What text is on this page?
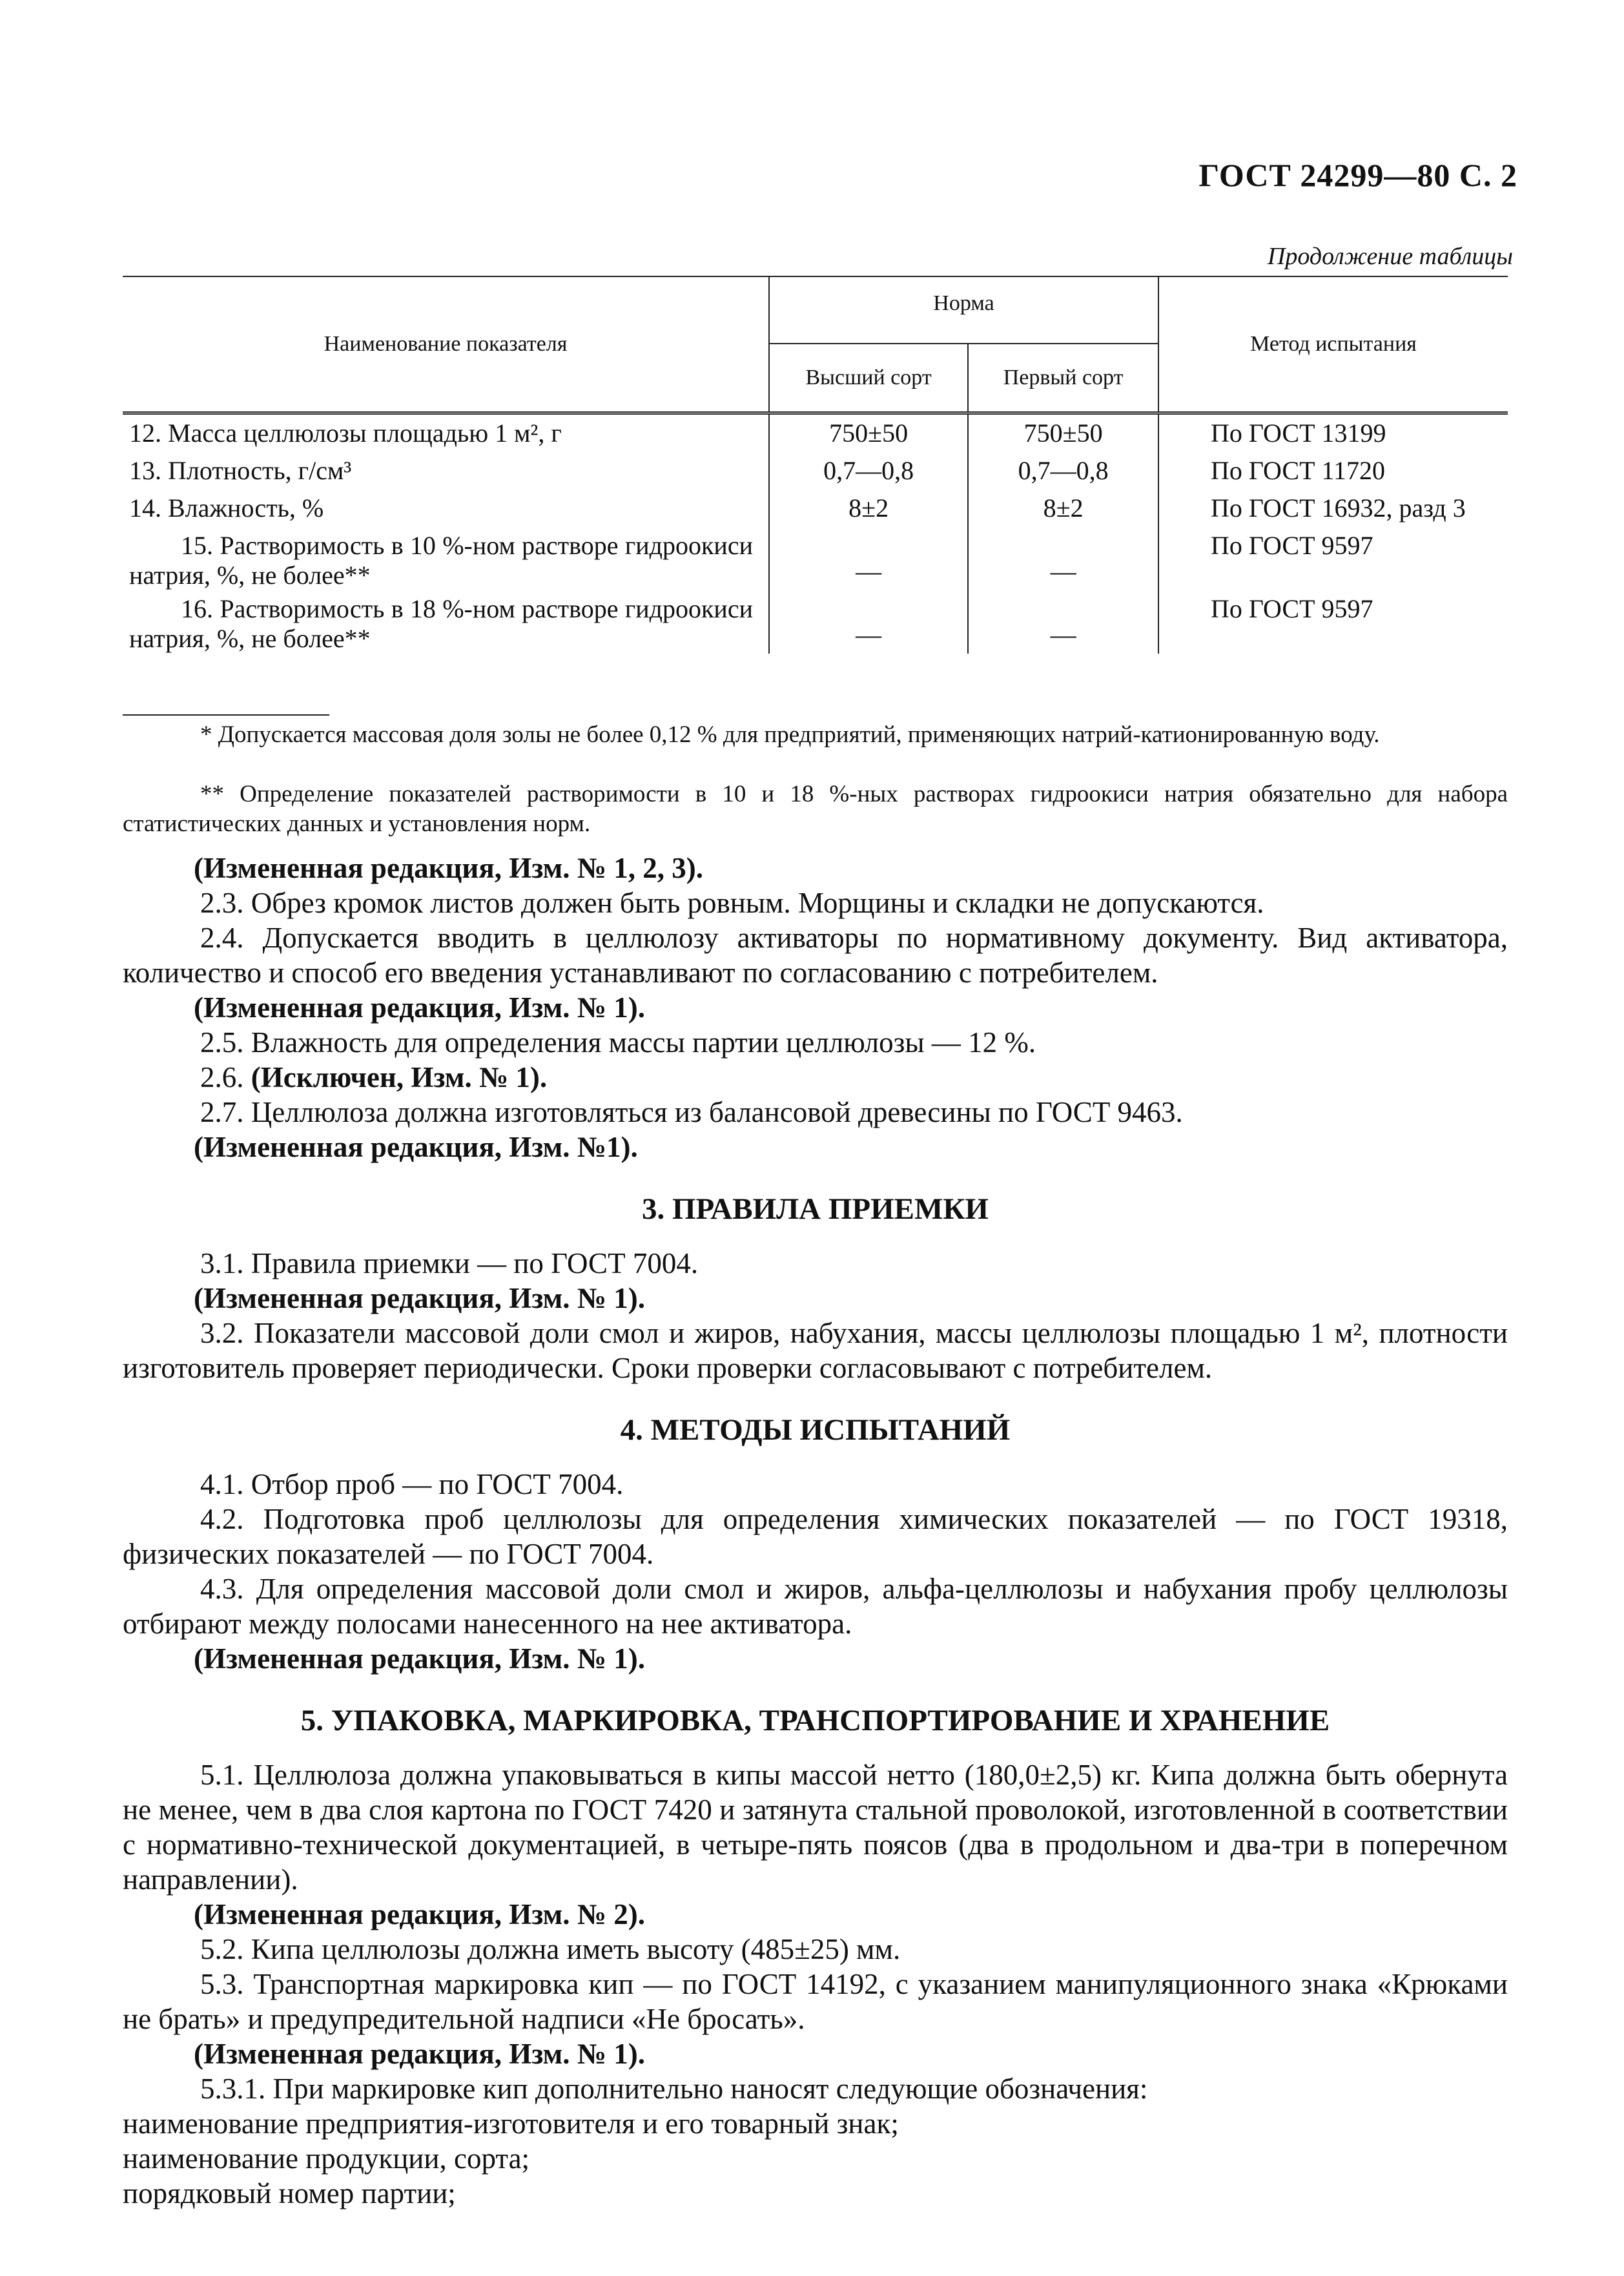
ГОСТ 24299—80 С. 2
Продолжение таблицы
Наименование показателя	Норма		Метод испытания
	Высший сорт	Первый сорт	
12. Масса целлюлозы площадью 1 м², г	750±50	750±50	По ГОСТ 13199
13. Плотность, г/см³	0,7—0,8	0,7—0,8	По ГОСТ 11720
14. Влажность, %	8±2	8±2	По ГОСТ 16932, разд 3
15. Растворимость в 10 %-ном растворе гидроокиси натрия, %, не более**	—	—	По ГОСТ 9597
16. Растворимость в 18 %-ном растворе гидроокиси натрия, %, не более**	—	—	По ГОСТ 9597
* Допускается массовая доля золы не более 0,12 % для предприятий, применяющих натрий-катионированную воду.
** Определение показателей растворимости в 10 и 18 %-ных растворах гидроокиси натрия обязательно для набора статистических данных и установления норм.

(Измененная редакция, Изм. № 1, 2, 3).

2.3. Обрез кромок листов должен быть ровным. Морщины и складки не допускаются.

2.4. Допускается вводить в целлюлозу активаторы по нормативному документу. Вид активатора, количество и способ его введения устанавливают по согласованию с потребителем.

(Измененная редакция, Изм. № 1).

2.5. Влажность для определения массы партии целлюлозы — 12 %.

2.6. (Исключен, Изм. № 1).

2.7. Целлюлоза должна изготовляться из балансовой древесины по ГОСТ 9463.

(Измененная редакция, Изм. №1).

3. ПРАВИЛА ПРИЕМКИ

3.1. Правила приемки — по ГОСТ 7004.

(Измененная редакция, Изм. № 1).

3.2. Показатели массовой доли смол и жиров, набухания, массы целлюлозы площадью 1 м², плотности изготовитель проверяет периодически. Сроки проверки согласовывают с потребителем.

4. МЕТОДЫ ИСПЫТАНИЙ

4.1. Отбор проб — по ГОСТ 7004.

4.2. Подготовка проб целлюлозы для определения химических показателей — по ГОСТ 19318, физических показателей — по ГОСТ 7004.

4.3. Для определения массовой доли смол и жиров, альфа-целлюлозы и набухания пробу целлюлозы отбирают между полосами нанесенного на нее активатора.

(Измененная редакция, Изм. № 1).

5. УПАКОВКА, МАРКИРОВКА, ТРАНСПОРТИРОВАНИЕ И ХРАНЕНИЕ

5.1. Целлюлоза должна упаковываться в кипы массой нетто (180,0±2,5) кг. Кипа должна быть обернута не менее, чем в два слоя картона по ГОСТ 7420 и затянута стальной проволокой, изготовленной в соответствии с нормативно-технической документацией, в четыре-пять поясов (два в продольном и два-три в поперечном направлении).

(Измененная редакция, Изм. № 2).

5.2. Кипа целлюлозы должна иметь высоту (485±25) мм.

5.3. Транспортная маркировка кип — по ГОСТ 14192, с указанием манипуляционного знака «Крюками не брать» и предупредительной надписи «Не бросать».

(Измененная редакция, Изм. № 1).

5.3.1. При маркировке кип дополнительно наносят следующие обозначения:

наименование предприятия-изготовителя и его товарный знак;

наименование продукции, сорта;

порядковый номер партии;
